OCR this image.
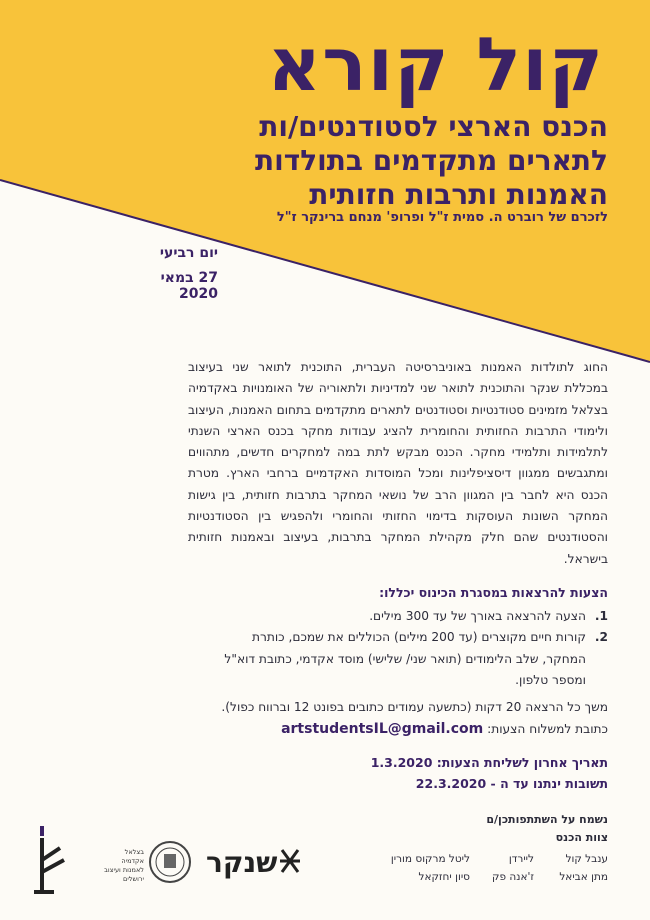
קול קורא
הכנס הארצי לסטודנטים/ות
לתארים מתקדמים בתולדות
האמנות ותרבות חזותית
לזכרם של רוברט ה. סמית ז"ל ופרופ' מנחם ברינקר ז"ל
יום רביעי
27 במאי 2020
החוג לתולדות האמנות באוניברסיטה העברית, התוכנית לתואר שני בעיצוב במכללת שנקר והתוכנית לתואר שני למדיניות ולתאוריה של האומנויות באקדמיה בצלאל מזמינים סטודנטיות וסטודנטים לתארים מתקדמים בתחום האמנות, העיצוב ולימודי התרבות החזותית והחומרית להציג עבודות מחקר בכנס הארצי השנתי לתלמידות ותלמידי מחקר. הכנס מבקש לתת במה למחקרים חדשים, מתהווים ומתגבשים ממגוון דיסציפלינות ומכל המוסדות האקדמיים ברחבי הארץ. מטרת הכנס היא לחבר בין המגוון הרב של נושאי המחקר בתרבות חזותית, בין גישות המחקר השונות העוסקות בדימוי החזותי והחומרי ולהפגיש בין הסטודנטיות והסטודנטים שהם חלק מקהילת המחקר בתרבות, בעיצוב ובאמנות חזותית בישראל.
הצעות להרצאות במסגרת הכינוס יכללו:
1.
הצעה להרצאה באורך של עד 300 מילים.
2.
קורות חיים מקוצרים (עד 200 מילים) הכוללים את שמכם, כותרת המחקר, שלב הלימודים (תואר שני/ שלישי) מוסד אקדמי, כתובת דוא"ל ומספר טלפון.
משך כל הרצאה 20 דקות (כתשעה עמודים כתובים בפונט 12 וברווח כפול).
כתובת למשלוח הצעות: artstudentsIL@gmail.com
תאריך אחרון לשליחת הצעות: 1.3.2020
תשובות ינתנו עד ה - 22.3.2020
נשמח על השתתפותכן/ם
צוות הכנס
ענבל קול
מתן אביאל
ליירדן
ז'אנה פק
ליטל מרקוס מורין
סיון יחזקאל
בצלאל
אקדמיה
לאמנות ועיצוב
ירושלים שנקר
